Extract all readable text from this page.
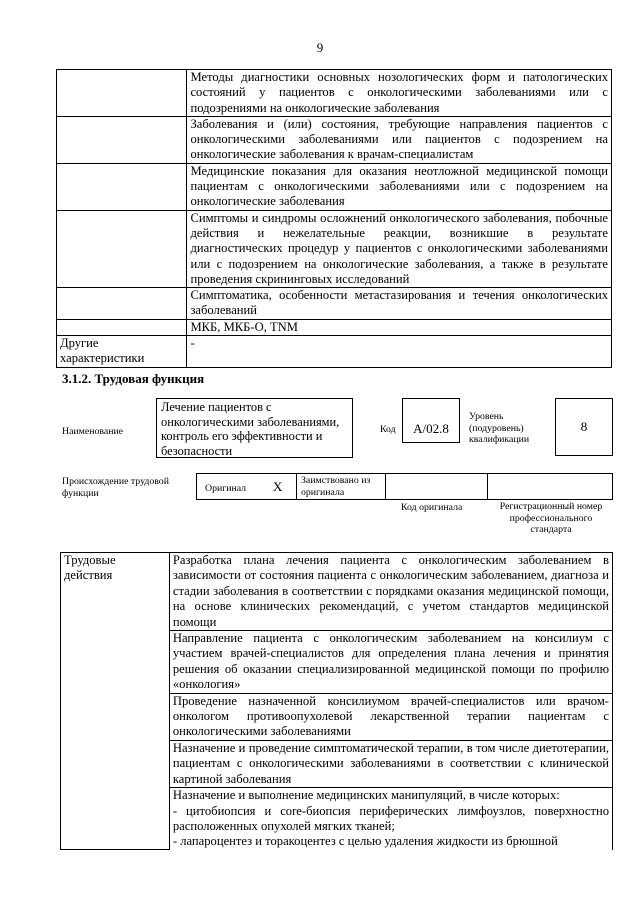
9
	Методы диагностики основных нозологических форм и патологических состояний у пациентов с онкологическими заболеваниями или с подозрениями на онкологические заболевания
	Заболевания и (или) состояния, требующие направления пациентов с онкологическими заболеваниями или пациентов с подозрением на онкологические заболевания к врачам-специалистам
	Медицинские показания для оказания неотложной медицинской помощи пациентам с онкологическими заболеваниями или с подозрением на онкологические заболевания
	Симптомы и синдромы осложнений онкологического заболевания, побочные действия и нежелательные реакции, возникшие в результате диагностических процедур у пациентов с онкологическими заболеваниями или с подозрением на онкологические заболевания, а также в результате проведения скрининговых исследований
	Симптоматика, особенности метастазирования и течения онкологических заболеваний
	МКБ, МКБ-О, TNM
Другие характеристики	-
3.1.2. Трудовая функция
Наименование
Лечение пациентов с онкологическими заболеваниями, контроль его эффективности и безопасности
Код	A/02.8
Уровень (подуровень) квалификации
8
Происхождение трудовой функции	Оригинал X Заимствовано из оригинала
Код оригинала	Регистрационный номер профессионального стандарта
Трудовые действия	Разработка плана лечения пациента с онкологическим заболеванием в зависимости от состояния пациента с онкологическим заболеванием, диагноза и стадии заболевания в соответствии с порядками оказания медицинской помощи, на основе клинических рекомендаций, с учетом стандартов медицинской помощи
Направление пациента с онкологическим заболеванием на консилиум с участием врачей-специалистов для определения плана лечения и принятия решения об оказании специализированной медицинской помощи по профилю «онкология»
Проведение назначенной консилиумом врачей-специалистов или врачом-онкологом противоопухолевой лекарственной терапии пациентам с онкологическими заболеваниями
Назначение и проведение симптоматической терапии, в том числе диетотерапии, пациентам с онкологическими заболеваниями в соответствии с клинической картиной заболевания

Назначение и выполнение медицинских манипуляций, в числе которых:
- цитобиопсия и core-биопсия периферических лимфоузлов, поверхностно расположенных опухолей мягких тканей;
- лапароцентез и торакоцентез с целью удаления жидкости из брюшной
